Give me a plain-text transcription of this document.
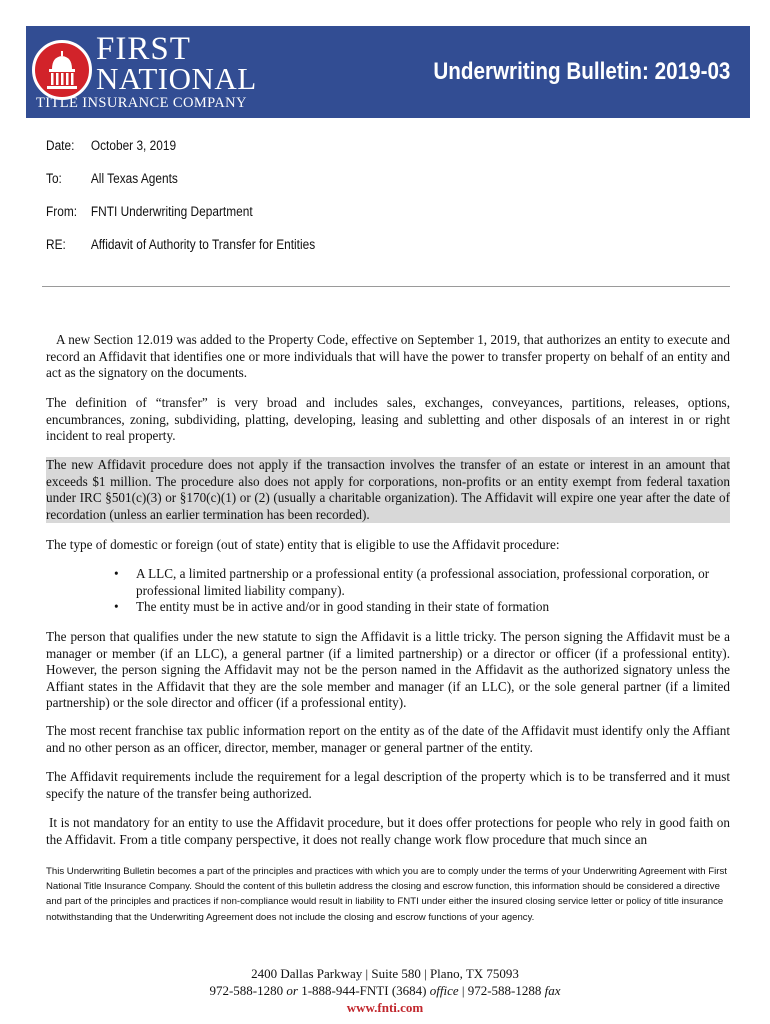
FIRST
NATIONAL
TITLE INSURANCE COMPANY
Underwriting Bulletin: 2019-03
Date: October 3, 2019
To: All Texas Agents
From: FNTI Underwriting Department
RE: Affidavit of Authority to Transfer for Entities

A new Section 12.019 was added to the Property Code, effective on September 1, 2019, that authorizes an entity to execute and record an Affidavit that identifies one or more individuals that will have the power to transfer property on behalf of an entity and act as the signatory on the documents.

The definition of “transfer” is very broad and includes sales, exchanges, conveyances, partitions, releases, options, encumbrances, zoning, subdividing, platting, developing, leasing and subletting and other disposals of an interest in or right incident to real property.

The new Affidavit procedure does not apply if the transaction involves the transfer of an estate or interest in an amount that exceeds $1 million. The procedure also does not apply for corporations, non-profits or an entity exempt from federal taxation under IRC §501(c)(3) or §170(c)(1) or (2) (usually a charitable organization). The Affidavit will expire one year after the date of recordation (unless an earlier termination has been recorded).

The type of domestic or foreign (out of state) entity that is eligible to use the Affidavit procedure:

• A LLC, a limited partnership or a professional entity (a professional association, professional corporation, or professional limited liability company).
• The entity must be in active and/or in good standing in their state of formation

The person that qualifies under the new statute to sign the Affidavit is a little tricky. The person signing the Affidavit must be a manager or member (if an LLC), a general partner (if a limited partnership) or a director or officer (if a professional entity). However, the person signing the Affidavit may not be the person named in the Affidavit as the authorized signatory unless the Affiant states in the Affidavit that they are the sole member and manager (if an LLC), or the sole general partner (if a limited partnership) or the sole director and officer (if a professional entity).

The most recent franchise tax public information report on the entity as of the date of the Affidavit must identify only the Affiant and no other person as an officer, director, member, manager or general partner of the entity.

The Affidavit requirements include the requirement for a legal description of the property which is to be transferred and it must specify the nature of the transfer being authorized.

It is not mandatory for an entity to use the Affidavit procedure, but it does offer protections for people who rely in good faith on the Affidavit. From a title company perspective, it does not really change work flow procedure that much since an

This Underwriting Bulletin becomes a part of the principles and practices with which you are to comply under the terms of your Underwriting Agreement with First National Title Insurance Company. Should the content of this bulletin address the closing and escrow function, this information should be considered a directive and part of the principles and practices if non-compliance would result in liability to FNTI under either the insured closing service letter or policy of title insurance notwithstanding that the Underwriting Agreement does not include the closing and escrow functions of your agency.

2400 Dallas Parkway | Suite 580 | Plano, TX 75093
972-588-1280 or 1-888-944-FNTI (3684) office | 972-588-1288 fax
www.fnti.com
